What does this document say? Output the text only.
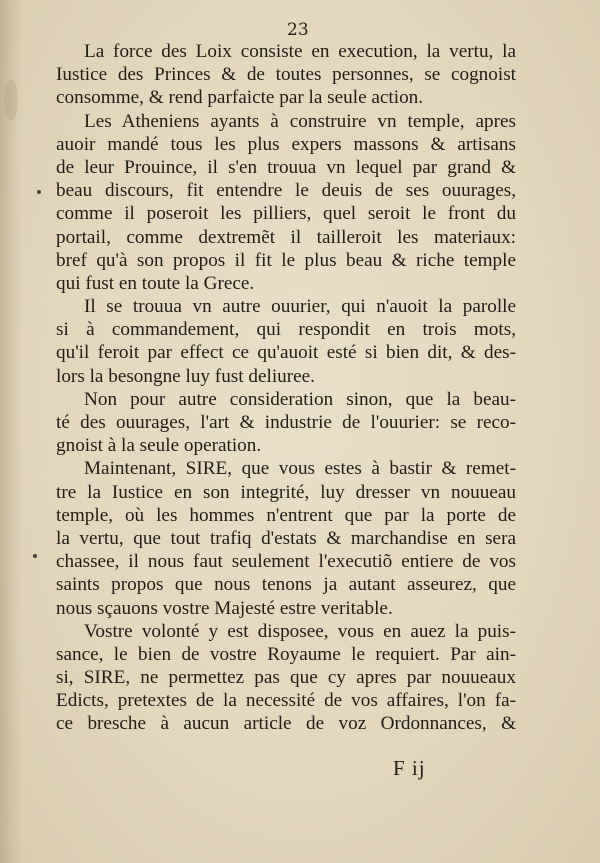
23
La force des Loix consiste en execution, la vertu, la
Iustice des Princes & de toutes personnes, se cognoist
consomme, & rend parfaicte par la seule action.
Les Atheniens ayants à construire vn temple, apres
auoir mandé tous les plus expers massons & artisans
de leur Prouince, il s'en trouua vn lequel par grand &
beau discours, fit entendre le deuis de ses ouurages,
comme il poseroit les pilliers, quel seroit le front du
portail, comme dextremẽt il tailleroit les materiaux:
bref qu'à son propos il fit le plus beau & riche temple
qui fust en toute la Grece.
Il se trouua vn autre ouurier, qui n'auoit la parolle
si à commandement, qui respondit en trois mots,
qu'il feroit par effect ce qu'auoit esté si bien dit, & des-
lors la besongne luy fust deliuree.
Non pour autre consideration sinon, que la beau-
té des ouurages, l'art & industrie de l'ouurier: se reco-
gnoist à la seule operation.
Maintenant, SIRE, que vous estes à bastir & remet-
tre la Iustice en son integrité, luy dresser vn nouueau
temple, où les hommes n'entrent que par la porte de
la vertu, que tout trafiq d'estats & marchandise en sera
chassee, il nous faut seulement l'executiõ entiere de vos
saints propos que nous tenons ja autant asseurez, que
nous sçauons vostre Majesté estre veritable.
Vostre volonté y est disposee, vous en auez la puis-
sance, le bien de vostre Royaume le requiert. Par ain-
si, SIRE, ne permettez pas que cy apres par nouueaux
Edicts, pretextes de la necessité de vos affaires, l'on fa-
ce bresche à aucun article de voz Ordonnances, &
F ij
